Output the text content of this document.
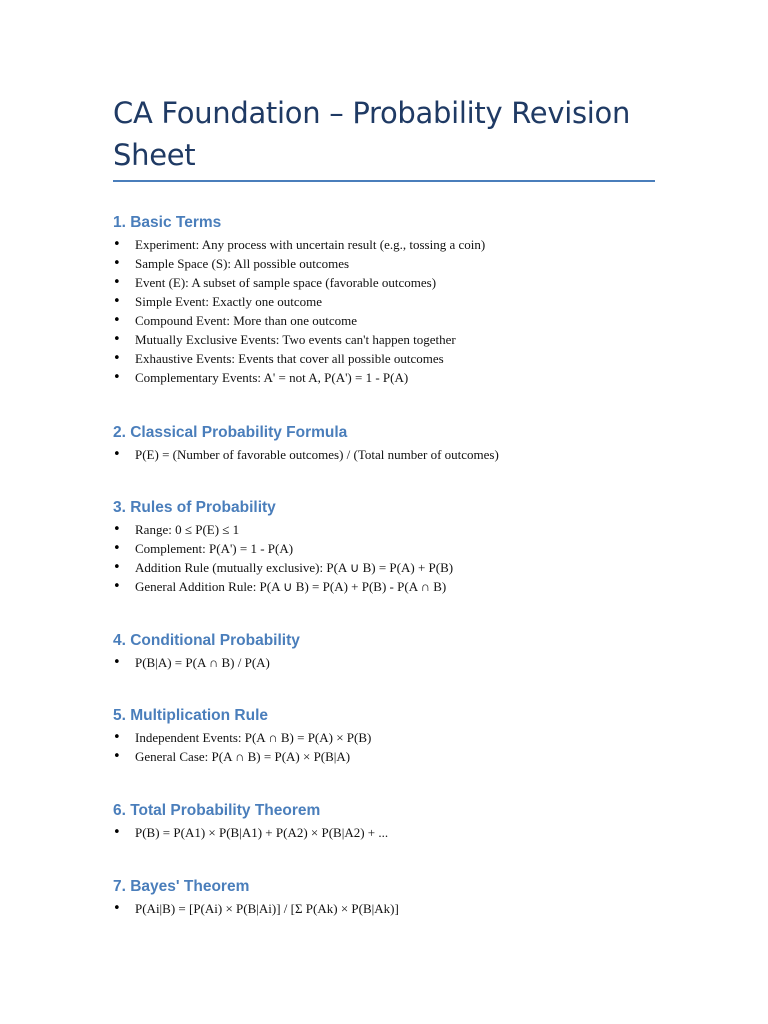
CA Foundation – Probability Revision Sheet
1. Basic Terms
• Experiment: Any process with uncertain result (e.g., tossing a coin)
• Sample Space (S): All possible outcomes
• Event (E): A subset of sample space (favorable outcomes)
• Simple Event: Exactly one outcome
• Compound Event: More than one outcome
• Mutually Exclusive Events: Two events can't happen together
• Exhaustive Events: Events that cover all possible outcomes
• Complementary Events: A' = not A, P(A') = 1 - P(A)
2. Classical Probability Formula
• P(E) = (Number of favorable outcomes) / (Total number of outcomes)
3. Rules of Probability
• Range: 0 ≤ P(E) ≤ 1
• Complement: P(A') = 1 - P(A)
• Addition Rule (mutually exclusive): P(A ∪ B) = P(A) + P(B)
• General Addition Rule: P(A ∪ B) = P(A) + P(B) - P(A ∩ B)
4. Conditional Probability
• P(B|A) = P(A ∩ B) / P(A)
5. Multiplication Rule
• Independent Events: P(A ∩ B) = P(A) × P(B)
• General Case: P(A ∩ B) = P(A) × P(B|A)
6. Total Probability Theorem
• P(B) = P(A1) × P(B|A1) + P(A2) × P(B|A2) + ...
7. Bayes' Theorem
• P(Ai|B) = [P(Ai) × P(B|Ai)] / [Σ P(Ak) × P(B|Ak)]
